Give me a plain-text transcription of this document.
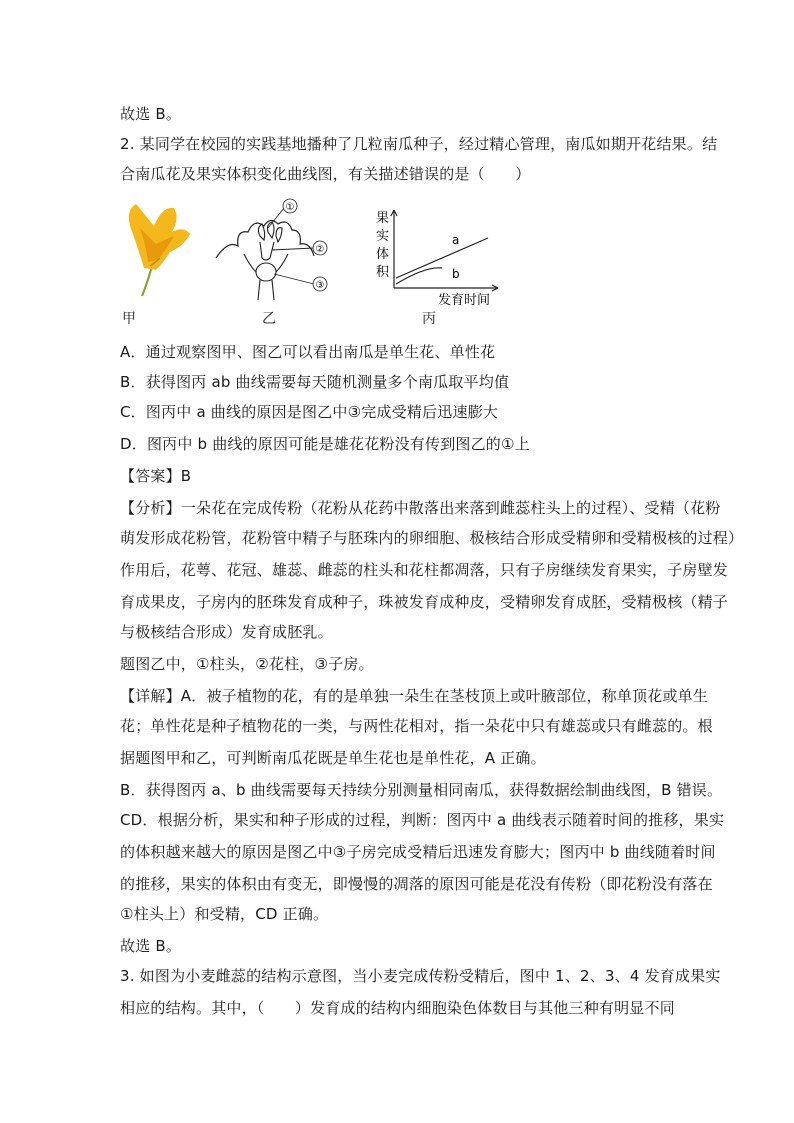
故选 B。
2. 某同学在校园的实践基地播种了几粒南瓜种子，经过精心管理，南瓜如期开花结果。结
合南瓜花及果实体积变化曲线图，有关描述错误的是（　　）
甲
①
②
③
乙
果
实
体
积
a
b
发育时间
丙
A．通过观察图甲、图乙可以看出南瓜是单生花、单性花
B．获得图丙 ab 曲线需要每天随机测量多个南瓜取平均值
C．图丙中 a 曲线的原因是图乙中③完成受精后迅速膨大
D．图丙中 b 曲线的原因可能是雄花花粉没有传到图乙的①上
【答案】B
【分析】一朵花在完成传粉（花粉从花药中散落出来落到雌蕊柱头上的过程）、受精（花粉
萌发形成花粉管，花粉管中精子与胚珠内的卵细胞、极核结合形成受精卵和受精极核的过程）
作用后，花萼、花冠、雄蕊、雌蕊的柱头和花柱都凋落，只有子房继续发育果实，子房壁发
育成果皮，子房内的胚珠发育成种子，珠被发育成种皮，受精卵发育成胚，受精极核（精子
与极核结合形成）发育成胚乳。
题图乙中，①柱头，②花柱，③子房。
【详解】A．被子植物的花，有的是单独一朵生在茎枝顶上或叶腋部位，称单顶花或单生
花；单性花是种子植物花的一类，与两性花相对，指一朵花中只有雄蕊或只有雌蕊的。根
据题图甲和乙，可判断南瓜花既是单生花也是单性花，A 正确。
B．获得图丙 a、b 曲线需要每天持续分别测量相同南瓜，获得数据绘制曲线图，B 错误。
CD．根据分析，果实和种子形成的过程，判断：图丙中 a 曲线表示随着时间的推移，果实
的体积越来越大的原因是图乙中③子房完成受精后迅速发育膨大；图丙中 b 曲线随着时间
的推移，果实的体积由有变无，即慢慢的凋落的原因可能是花没有传粉（即花粉没有落在
①柱头上）和受精，CD 正确。
故选 B。
3. 如图为小麦雌蕊的结构示意图，当小麦完成传粉受精后，图中 1、2、3、4 发育成果实
相应的结构。其中，（　　）发育成的结构内细胞染色体数目与其他三种有明显不同
